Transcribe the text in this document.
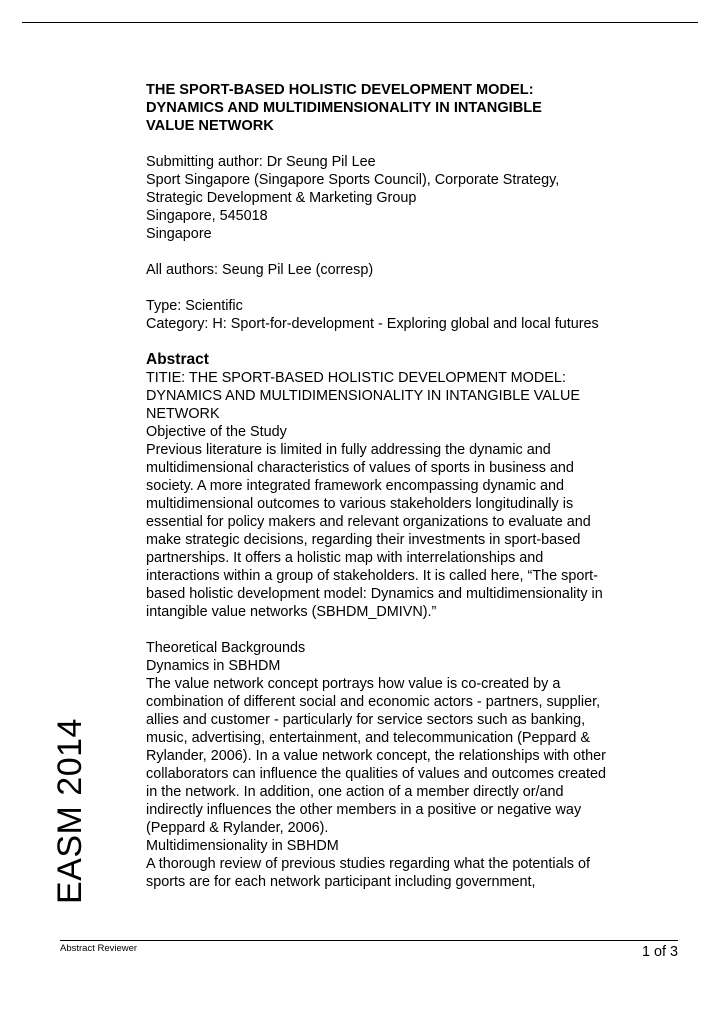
THE SPORT-BASED HOLISTIC DEVELOPMENT MODEL:
DYNAMICS AND MULTIDIMENSIONALITY IN INTANGIBLE
VALUE NETWORK
Submitting author: Dr Seung Pil Lee
Sport Singapore (Singapore Sports Council), Corporate Strategy,
Strategic Development & Marketing Group
Singapore, 545018
Singapore
All authors: Seung Pil Lee (corresp)
Type: Scientific
Category: H: Sport-for-development - Exploring global and local futures
Abstract
TITIE: THE SPORT-BASED HOLISTIC DEVELOPMENT MODEL:
DYNAMICS AND MULTIDIMENSIONALITY IN INTANGIBLE VALUE
NETWORK
Objective of the Study
Previous literature is limited in fully addressing the dynamic and
multidimensional characteristics of values of sports in business and
society. A more integrated framework encompassing dynamic and
multidimensional outcomes to various stakeholders longitudinally is
essential for policy makers and relevant organizations to evaluate and
make strategic decisions, regarding their investments in sport-based
partnerships. It offers a holistic map with interrelationships and
interactions within a group of stakeholders. It is called here, “The sport-
based holistic development model: Dynamics and multidimensionality in
intangible value networks (SBHDM_DMIVN).”
Theoretical Backgrounds
Dynamics in SBHDM
The value network concept portrays how value is co-created by a
combination of different social and economic actors - partners, supplier,
allies and customer - particularly for service sectors such as banking,
music, advertising, entertainment, and telecommunication (Peppard &
Rylander, 2006). In a value network concept, the relationships with other
collaborators can influence the qualities of values and outcomes created
in the network. In addition, one action of a member directly or/and
indirectly influences the other members in a positive or negative way
(Peppard & Rylander, 2006).
Multidimensionality in SBHDM
A thorough review of previous studies regarding what the potentials of
sports are for each network participant including government,
EASM 2014
Abstract Reviewer	1 of 3
